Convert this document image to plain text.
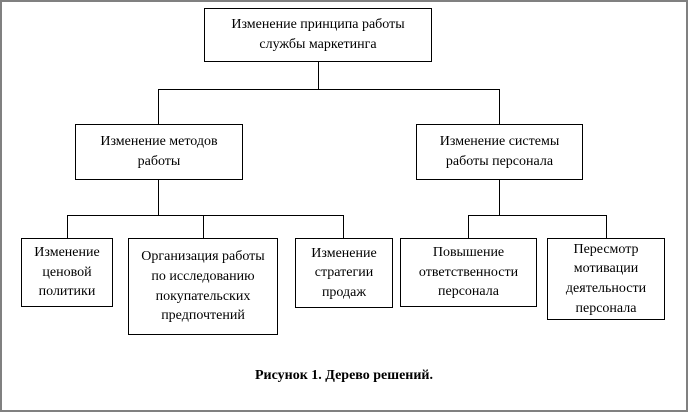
Изменение принципа работы службы маркетинга
Изменение методов работы
Изменение системы работы персонала
Изменение ценовой политики
Организация работы по исследованию покупательских предпочтений
Изменение стратегии продаж
Повышение ответственности персонала
Пересмотр мотивации деятельности персонала
Рисунок 1. Дерево решений.
